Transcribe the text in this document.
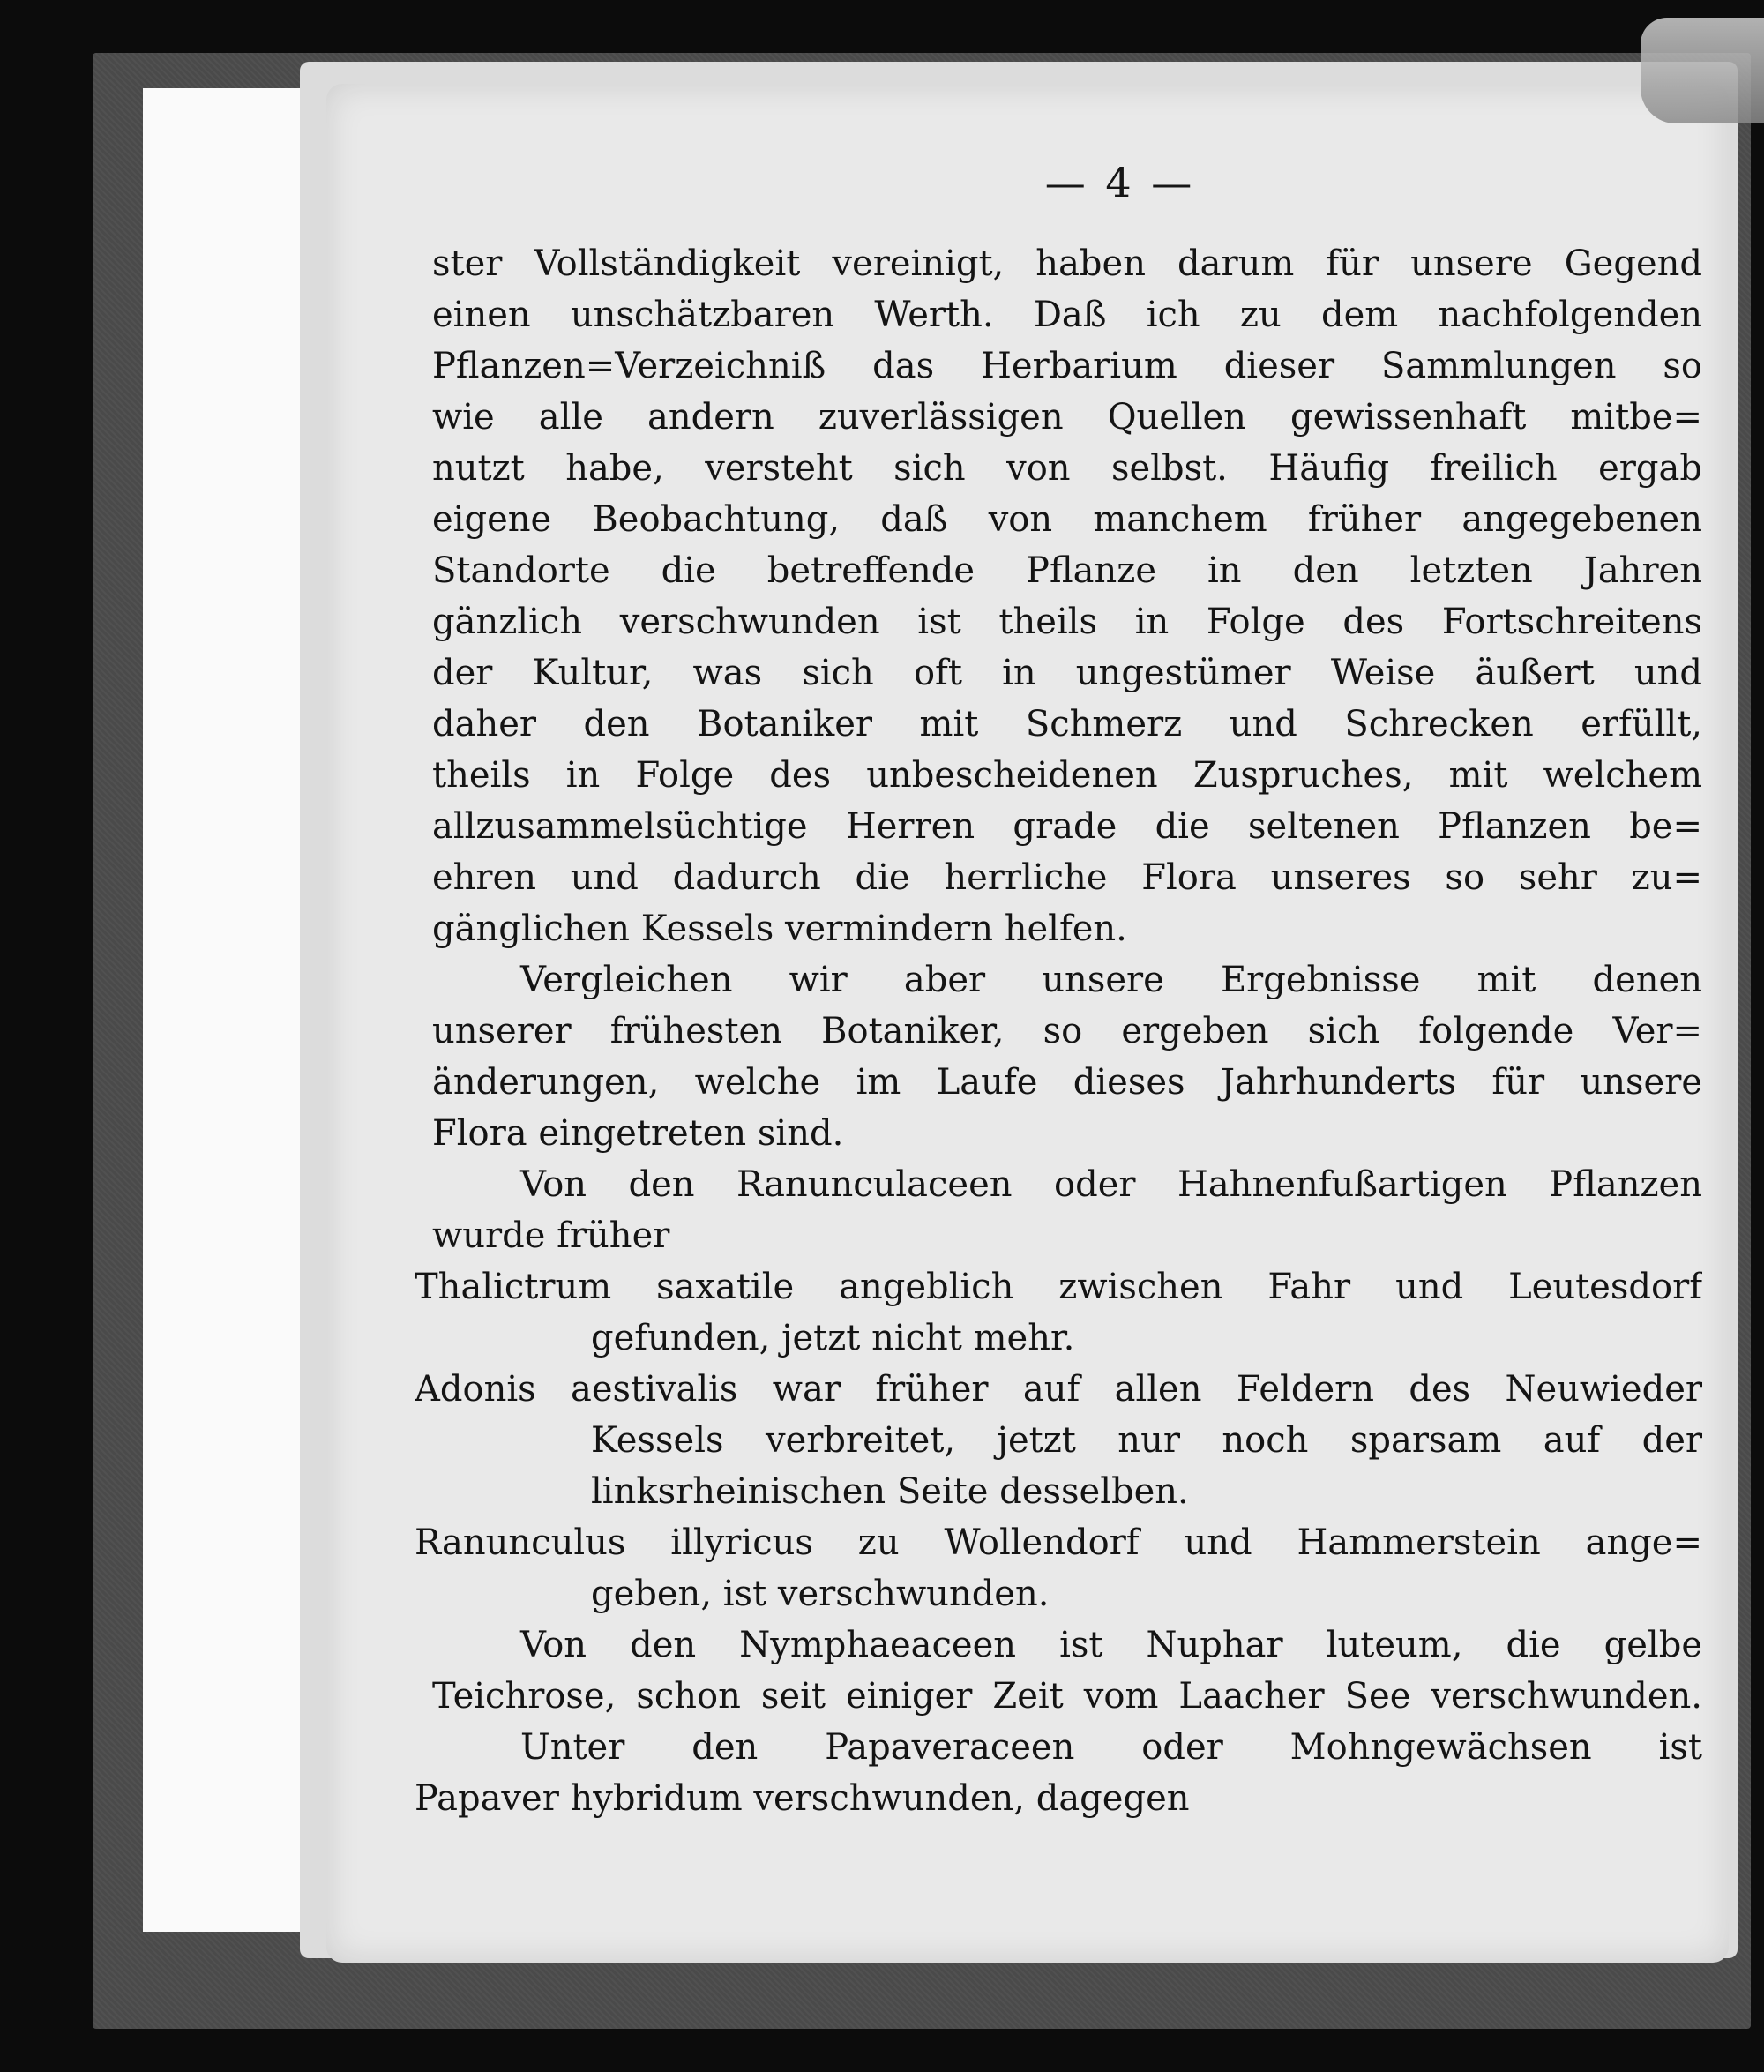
— 4 —
ster Vollständigkeit vereinigt, haben darum für unsere Gegend
einen unschätzbaren Werth. Daß ich zu dem nachfolgenden
Pflanzen=Verzeichniß das Herbarium dieser Sammlungen so
wie alle andern zuverlässigen Quellen gewissenhaft mitbe=
nutzt habe, versteht sich von selbst. Häufig freilich ergab
eigene Beobachtung, daß von manchem früher angegebenen
Standorte die betreffende Pflanze in den letzten Jahren
gänzlich verschwunden ist theils in Folge des Fortschreitens
der Kultur, was sich oft in ungestümer Weise äußert und
daher den Botaniker mit Schmerz und Schrecken erfüllt,
theils in Folge des unbescheidenen Zuspruches, mit welchem
allzusammelsüchtige Herren grade die seltenen Pflanzen be=
ehren und dadurch die herrliche Flora unseres so sehr zu=
gänglichen Kessels vermindern helfen.
Vergleichen wir aber unsere Ergebnisse mit denen
unserer frühesten Botaniker, so ergeben sich folgende Ver=
änderungen, welche im Laufe dieses Jahrhunderts für unsere
Flora eingetreten sind.
Von den Ranunculaceen oder Hahnenfußartigen Pflanzen
wurde früher
Thalictrum saxatile angeblich zwischen Fahr und Leutesdorf
gefunden, jetzt nicht mehr.
Adonis aestivalis war früher auf allen Feldern des Neuwieder
Kessels verbreitet, jetzt nur noch sparsam auf der
linksrheinischen Seite desselben.
Ranunculus illyricus zu Wollendorf und Hammerstein ange=
geben, ist verschwunden.
Von den Nymphaeaceen ist Nuphar luteum, die gelbe
Teichrose, schon seit einiger Zeit vom Laacher See verschwunden.
Unter den Papaveraceen oder Mohngewächsen ist
Papaver hybridum verschwunden, dagegen
